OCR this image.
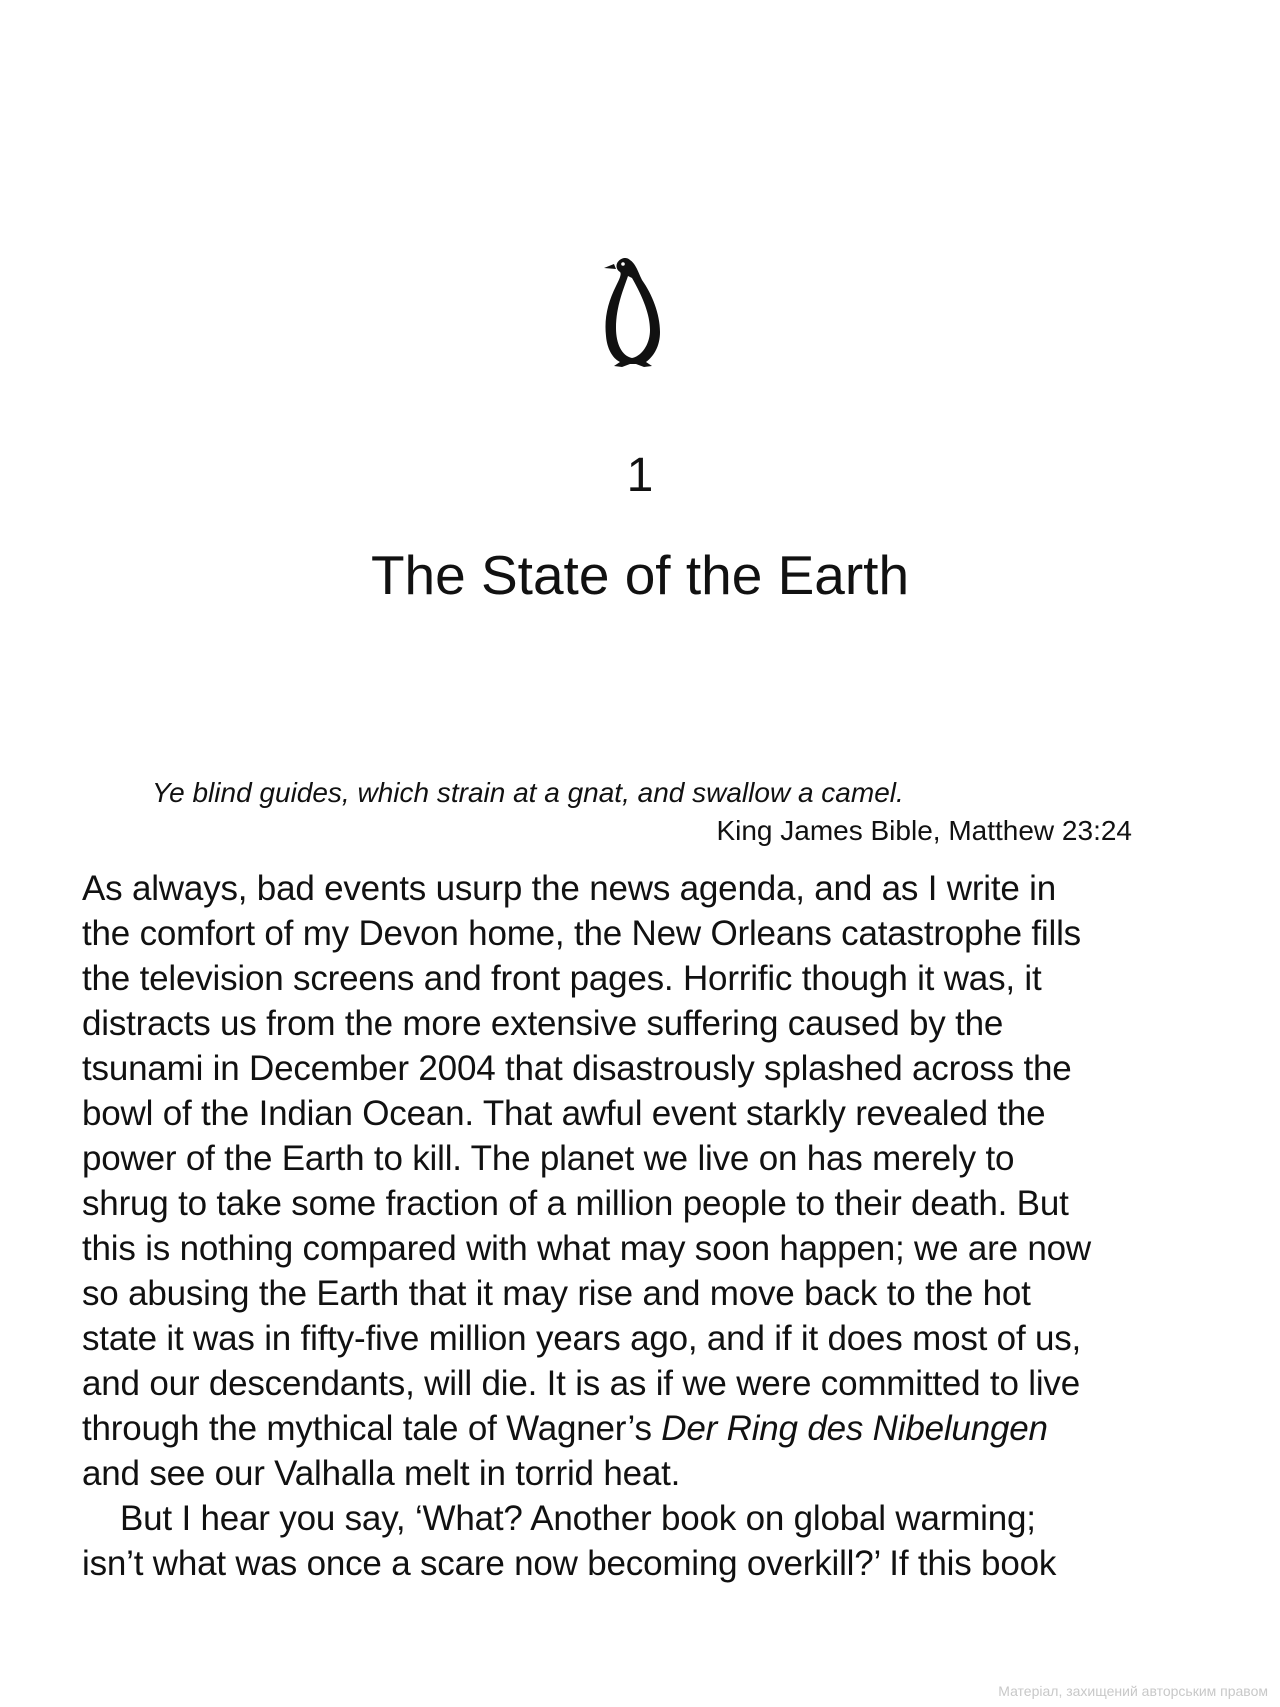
1
The State of the Earth
Ye blind guides, which strain at a gnat, and swallow a camel.
King James Bible, Matthew 23:24
As always, bad events usurp the news agenda, and as I write in
the comfort of my Devon home, the New Orleans catastrophe fills
the television screens and front pages. Horrific though it was, it
distracts us from the more extensive suffering caused by the
tsunami in December 2004 that disastrously splashed across the
bowl of the Indian Ocean. That awful event starkly revealed the
power of the Earth to kill. The planet we live on has merely to
shrug to take some fraction of a million people to their death. But
this is nothing compared with what may soon happen; we are now
so abusing the Earth that it may rise and move back to the hot
state it was in fifty-five million years ago, and if it does most of us,
and our descendants, will die. It is as if we were committed to live
through the mythical tale of Wagner’s Der Ring des Nibelungen
and see our Valhalla melt in torrid heat.
But I hear you say, ‘What? Another book on global warming;
isn’t what was once a scare now becoming overkill?’ If this book
Матеріал, захищений авторським правом
